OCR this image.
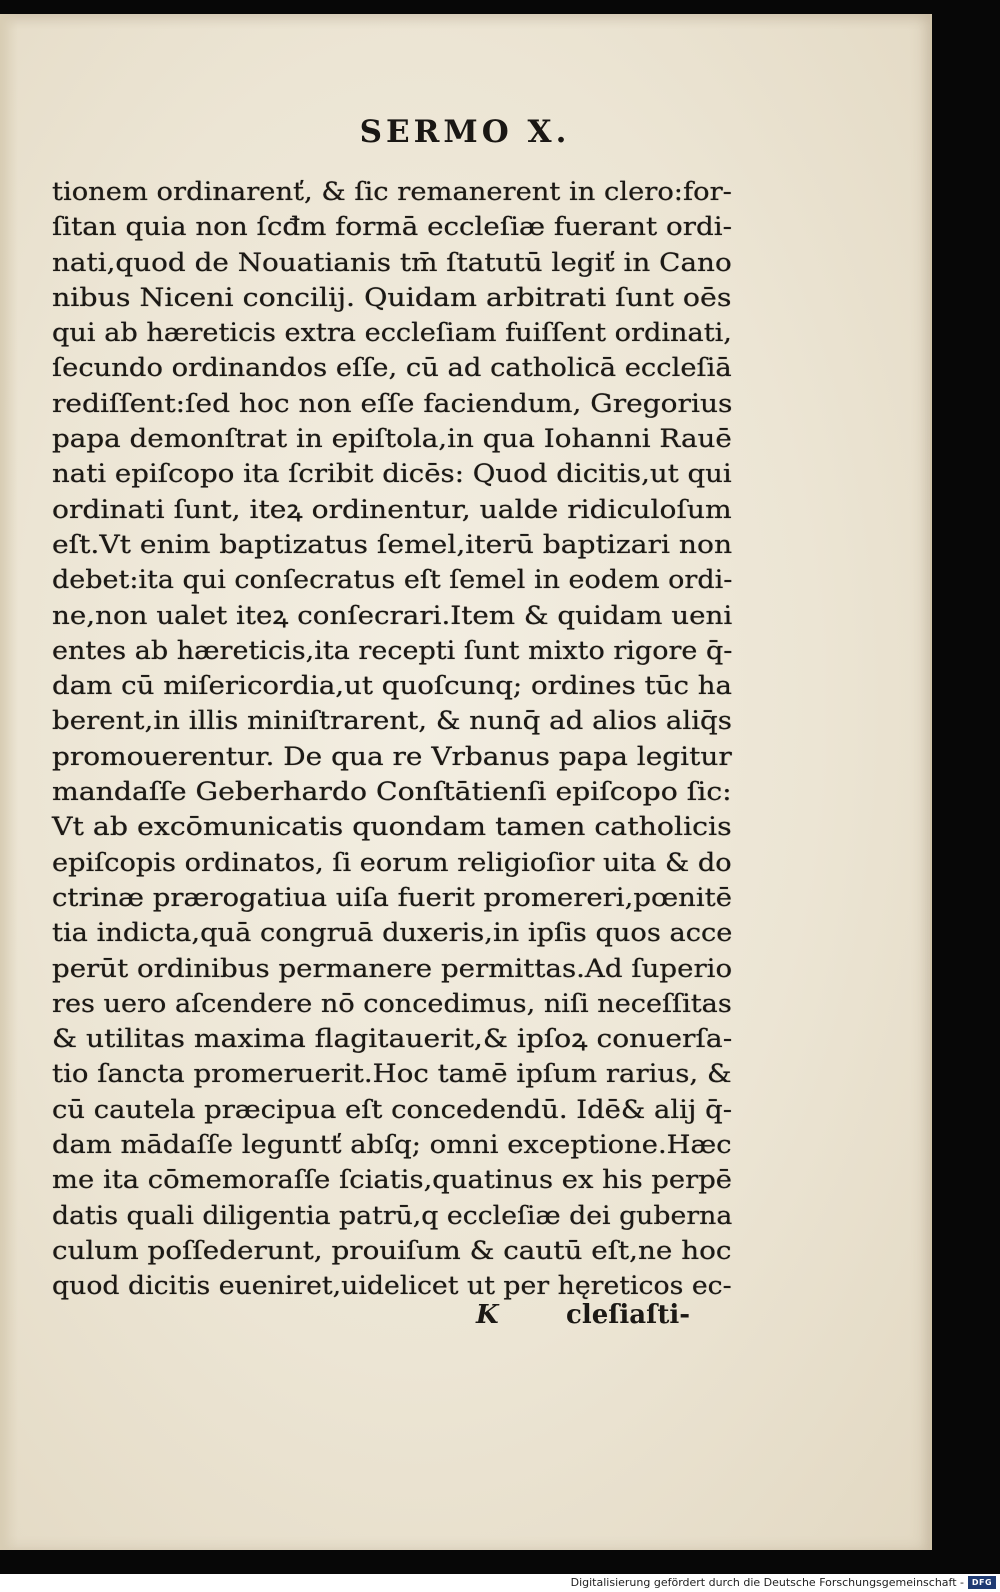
SERMO X.
tionem ordinarenť, & ſic remanerent in clero:for-
ſitan quia non ſcđm formā eccleſiæ fuerant ordi-
nati,quod de Nouatianis tm̄ ſtatutū legiť in Cano
nibus Niceni concilij. Quidam arbitrati ſunt oēs
qui ab hæreticis extra eccleſiam fuiſſent ordinati,
ſecundo ordinandos eſſe, cū ad catholicā eccleſiā
rediſſent:ſed hoc non eſſe faciendum, Gregorius
papa demonſtrat in epiſtola,in qua Iohanni Rauē
nati epiſcopo ita ſcribit dicēs: Quod dicitis,ut qui
ordinati ſunt, iteꝝ ordinentur, ualde ridiculoſum
eſt.Vt enim baptizatus ſemel,iterū baptizari non
debet:ita qui conſecratus eſt ſemel in eodem ordi-
ne,non ualet iteꝝ conſecrari.Item & quidam ueni
entes ab hæreticis,ita recepti ſunt mixto rigore q̄-
dam cū miſericordia,ut quoſcunq; ordines tūc ha
berent,in illis miniſtrarent, & nunq̄ ad alios aliq̄s
promouerentur. De qua re Vrbanus papa legitur
mandaſſe Geberhardo Conſtātienſi epiſcopo ſic:
Vt ab excōmunicatis quondam tamen catholicis
epiſcopis ordinatos, ſi eorum religioſior uita & do
ctrinæ prærogatiua uiſa fuerit promereri,pœnitē
tia indicta,quā congruā duxeris,in ipſis quos acce
perūt ordinibus permanere permittas.Ad ſuperio
res uero aſcendere nō concedimus, niſi neceſſitas
& utilitas maxima flagitauerit,& ipſoꝝ conuerſa-
tio ſancta promeruerit.Hoc tamē ipſum rarius, &
cū cautela præcipua eſt concedendū. Idē& alij q̄-
dam mādaſſe leguntť abſq; omni exceptione.Hæc
me ita cōmemoraſſe ſciatis,quatinus ex his perpē
datis quali diligentia patrū,q eccleſiæ dei guberna
culum poſſederunt, prouiſum & cautū eſt,ne hoc
quod dicitis eueniret,uidelicet ut per hęreticos ec-
K	cleſiaſti-
Digitalisierung gefördert durch die Deutsche Forschungsgemeinschaft - DFG
